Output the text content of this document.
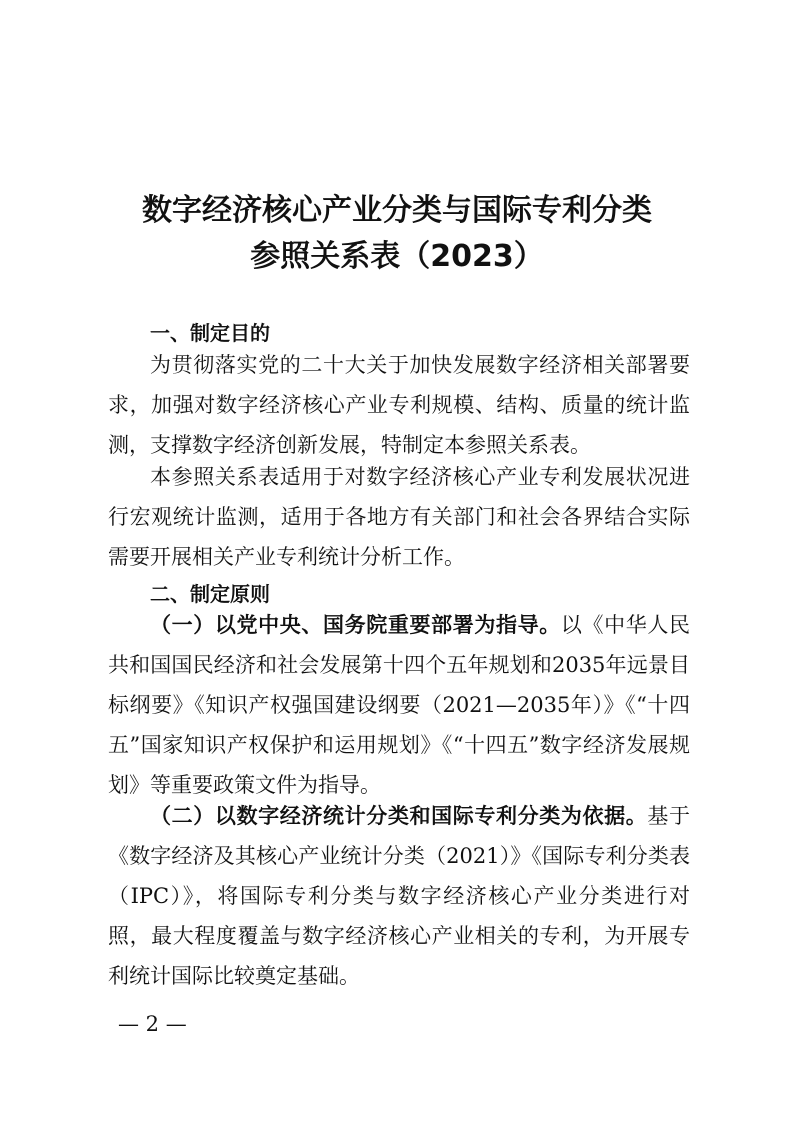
数字经济核心产业分类与国际专利分类
参照关系表（2023）
一、制定目的
为贯彻落实党的二十大关于加快发展数字经济相关部署要求，加强对数字经济核心产业专利规模、结构、质量的统计监测，支撑数字经济创新发展，特制定本参照关系表。
本参照关系表适用于对数字经济核心产业专利发展状况进行宏观统计监测，适用于各地方有关部门和社会各界结合实际需要开展相关产业专利统计分析工作。
二、制定原则
（一）以党中央、国务院重要部署为指导。以《中华人民共和国国民经济和社会发展第十四个五年规划和2035年远景目标纲要》《知识产权强国建设纲要（2021—2035年）》《“十四五”国家知识产权保护和运用规划》《“十四五”数字经济发展规划》等重要政策文件为指导。
（二）以数字经济统计分类和国际专利分类为依据。基于《数字经济及其核心产业统计分类（2021）》《国际专利分类表（IPC）》，将国际专利分类与数字经济核心产业分类进行对照，最大程度覆盖与数字经济核心产业相关的专利，为开展专利统计国际比较奠定基础。
— 2 —
